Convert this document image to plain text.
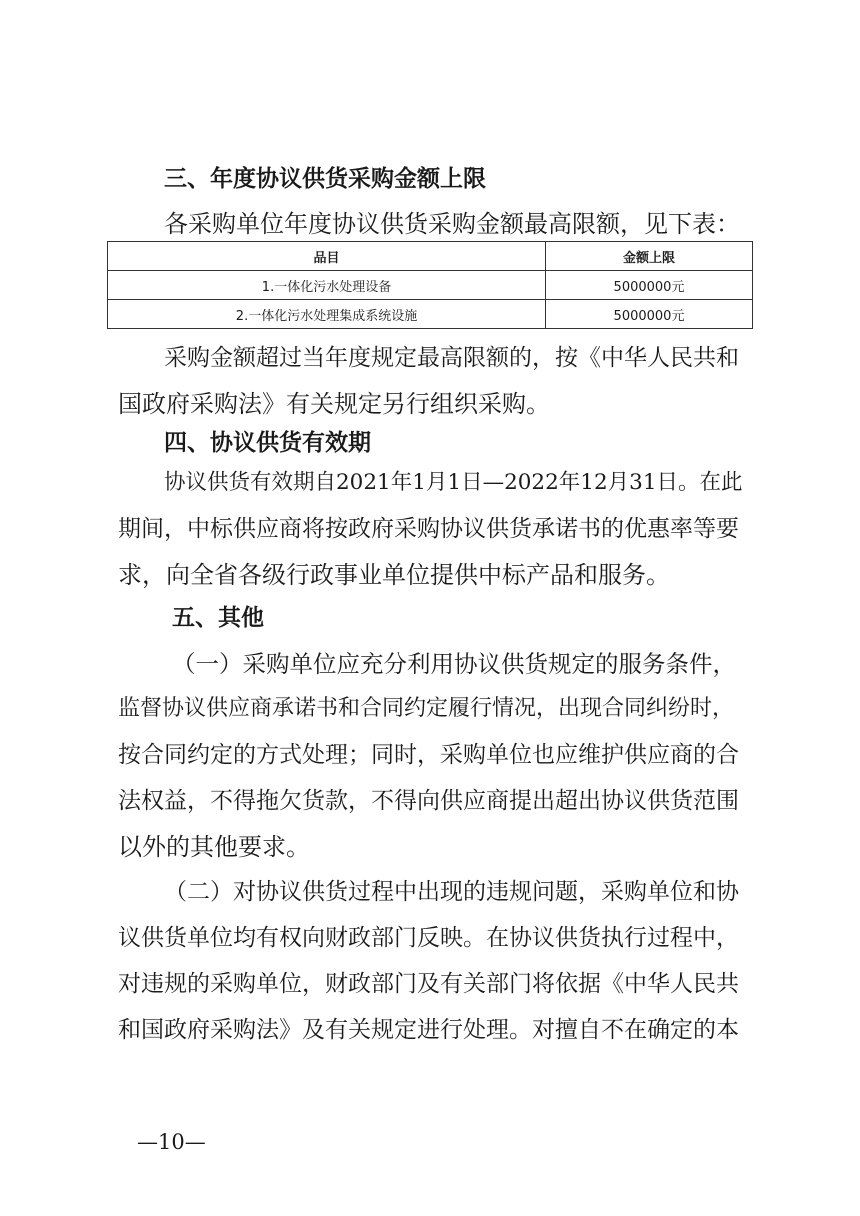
三、年度协议供货采购金额上限
各采购单位年度协议供货采购金额最高限额，见下表：
品目	金额上限
1.一体化污水处理设备	5000000元
2.一体化污水处理集成系统设施	5000000元
采购金额超过当年度规定最高限额的，按《中华人民共和
国政府采购法》有关规定另行组织采购。
四、协议供货有效期
协议供货有效期自2021年1月1日—2022年12月31日。在此
期间，中标供应商将按政府采购协议供货承诺书的优惠率等要
求，向全省各级行政事业单位提供中标产品和服务。
五、其他
（一）采购单位应充分利用协议供货规定的服务条件，
监督协议供应商承诺书和合同约定履行情况，出现合同纠纷时，
按合同约定的方式处理；同时，采购单位也应维护供应商的合
法权益，不得拖欠货款，不得向供应商提出超出协议供货范围
以外的其他要求。
（二）对协议供货过程中出现的违规问题，采购单位和协
议供货单位均有权向财政部门反映。在协议供货执行过程中，
对违规的采购单位，财政部门及有关部门将依据《中华人民共
和国政府采购法》及有关规定进行处理。对擅自不在确定的本
—10—
